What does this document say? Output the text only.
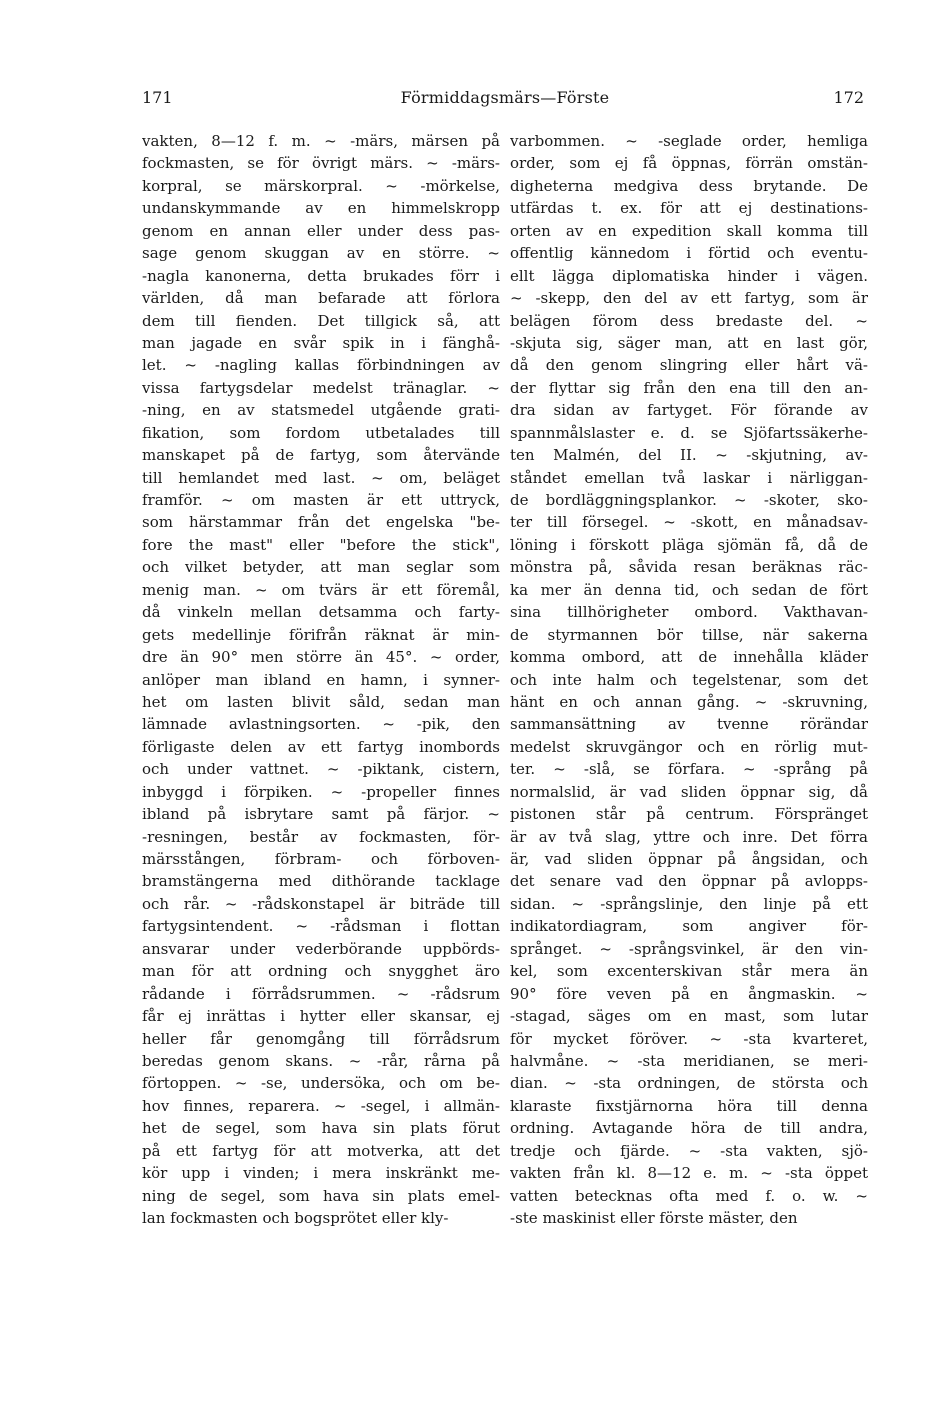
171	Förmiddagsmärs—Förste	172
vakten, 8—12 f. m. ~ -märs, märsen på
fockmasten, se för övrigt märs. ~ -märs-
korpral, se märskorpral. ~ -mörkelse,
undanskymmande av en himmelskropp
genom en annan eller under dess pas-
sage genom skuggan av en större. ~
-nagla kanonerna, detta brukades förr i
världen, då man befarade att förlora
dem till fienden. Det tillgick så, att
man jagade en svår spik in i fänghå-
let. ~ -nagling kallas förbindningen av
vissa fartygsdelar medelst tränaglar. ~
-ning, en av statsmedel utgående grati-
fikation, som fordom utbetalades till
manskapet på de fartyg, som återvände
till hemlandet med last. ~ om, beläget
framför. ~ om masten är ett uttryck,
som härstammar från det engelska "be-
fore the mast" eller "before the stick",
och vilket betyder, att man seglar som
menig man. ~ om tvärs är ett föremål,
då vinkeln mellan detsamma och farty-
gets medellinje förifrån räknat är min-
dre än 90° men större än 45°. ~ order,
anlöper man ibland en hamn, i synner-
het om lasten blivit såld, sedan man
lämnade avlastningsorten. ~ -pik, den
förligaste delen av ett fartyg inombords
och under vattnet. ~ -piktank, cistern,
inbyggd i förpiken. ~ -propeller finnes
ibland på isbrytare samt på färjor. ~
-resningen, består av fockmasten, för-
märsstången, förbram- och förboven-
bramstängerna med dithörande tacklage
och rår. ~ -rådskonstapel är biträde till
fartygsintendent. ~ -rådsman i flottan
ansvarar under vederbörande uppbörds-
man för att ordning och snygghet äro
rådande i förrådsrummen. ~ -rådsrum
får ej inrättas i hytter eller skansar, ej
heller får genomgång till förrådsrum
beredas genom skans. ~ -rår, rårna på
förtoppen. ~ -se, undersöka, och om be-
hov finnes, reparera. ~ -segel, i allmän-
het de segel, som hava sin plats förut
på ett fartyg för att motverka, att det
kör upp i vinden; i mera inskränkt me-
ning de segel, som hava sin plats emel-
lan fockmasten och bogsprötet eller kly-
varbommen. ~ -seglade order, hemliga
order, som ej få öppnas, förrän omstän-
digheterna medgiva dess brytande. De
utfärdas t. ex. för att ej destinations-
orten av en expedition skall komma till
offentlig kännedom i förtid och eventu-
ellt lägga diplomatiska hinder i vägen.
~ -skepp, den del av ett fartyg, som är
belägen förom dess bredaste del. ~
-skjuta sig, säger man, att en last gör,
då den genom slingring eller hårt vä-
der flyttar sig från den ena till den an-
dra sidan av fartyget. För förande av
spannmålslaster e. d. se Sjöfartssäkerhe-
ten Malmén, del II. ~ -skjutning, av-
ståndet emellan två laskar i närliggan-
de bordläggningsplankor. ~ -skoter, sko-
ter till försegel. ~ -skott, en månadsav-
löning i förskott pläga sjömän få, då de
mönstra på, såvida resan beräknas räc-
ka mer än denna tid, och sedan de fört
sina tillhörigheter ombord. Vakthavan-
de styrmannen bör tillse, när sakerna
komma ombord, att de innehålla kläder
och inte halm och tegelstenar, som det
hänt en och annan gång. ~ -skruvning,
sammansättning av tvenne rörändar
medelst skruvgängor och en rörlig mut-
ter. ~ -slå, se förfara. ~ -språng på
normalslid, är vad sliden öppnar sig, då
pistonen står på centrum. Förspränget
är av två slag, yttre och inre. Det förra
är, vad sliden öppnar på ångsidan, och
det senare vad den öppnar på avlopps-
sidan. ~ -språngslinje, den linje på ett
indikatordiagram, som angiver för-
språnget. ~ -språngsvinkel, är den vin-
kel, som excenterskivan står mera än
90° före veven på en ångmaskin. ~
-stagad, säges om en mast, som lutar
för mycket föröver. ~ -sta kvarteret,
halvmåne. ~ -sta meridianen, se meri-
dian. ~ -sta ordningen, de största och
klaraste fixstjärnorna höra till denna
ordning. Avtagande höra de till andra,
tredje och fjärde. ~ -sta vakten, sjö-
vakten från kl. 8—12 e. m. ~ -sta öppet
vatten betecknas ofta med f. o. w. ~
-ste maskinist eller förste mäster, den
